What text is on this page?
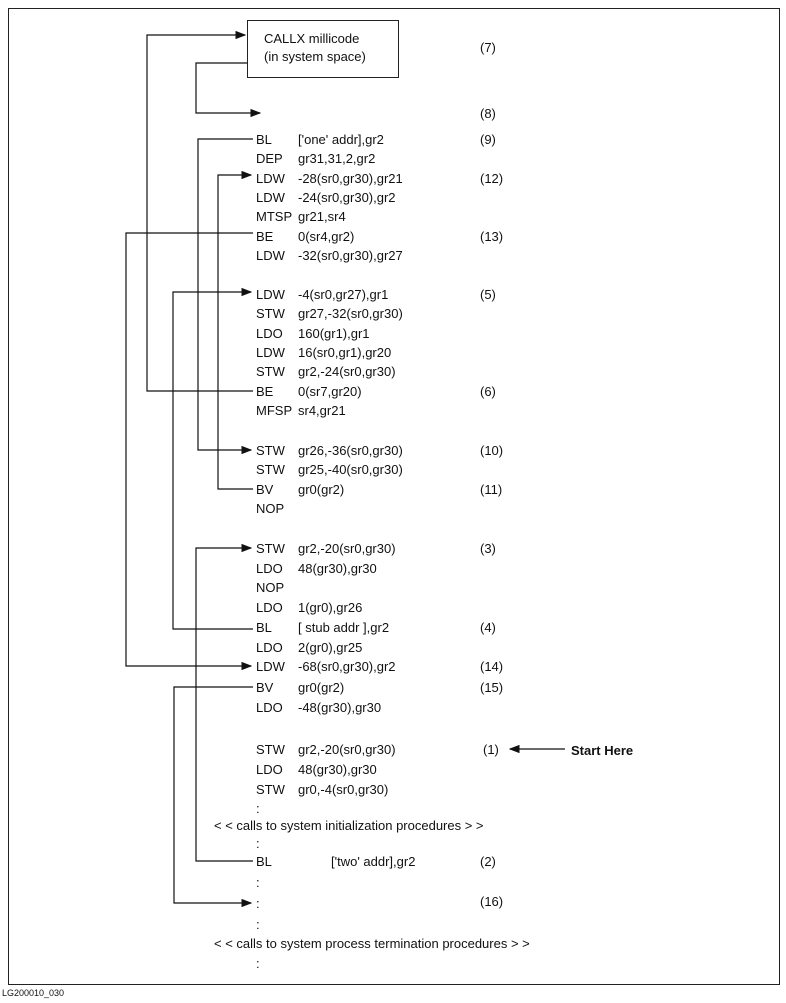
CALLX millicode
(in system space)
(7)
(8)
BL ['one' addr],gr2	(9)
DEP gr31,31,2,gr2
LDW -28(sr0,gr30),gr21	(12)
LDW -24(sr0,gr30),gr2
MTSP gr21,sr4
BE 0(sr4,gr2)	(13)
LDW -32(sr0,gr30),gr27
LDW -4(sr0,gr27),gr1	(5)
STW gr27,-32(sr0,gr30)
LDO 160(gr1),gr1
LDW 16(sr0,gr1),gr20
STW gr2,-24(sr0,gr30)
BE 0(sr7,gr20)	(6)
MFSP sr4,gr21
STW gr26,-36(sr0,gr30)	(10)
STW gr25,-40(sr0,gr30)
BV gr0(gr2)	(11)
NOP
STW gr2,-20(sr0,gr30)	(3)
LDO 48(gr30),gr30
NOP
LDO 1(gr0),gr26
BL [ stub addr ],gr2	(4)
LDO 2(gr0),gr25
LDW -68(sr0,gr30),gr2	(14)
BV gr0(gr2)	(15)
LDO -48(gr30),gr30
STW gr2,-20(sr0,gr30)	(1)
LDO 48(gr30),gr30
STW gr0,-4(sr0,gr30)
Start Here
:
< < calls to system initialization procedures > >
:
BL	['two' addr],gr2	(2)
:
:	(16)
:
< < calls to system process termination procedures > >
:
LG200010_030
